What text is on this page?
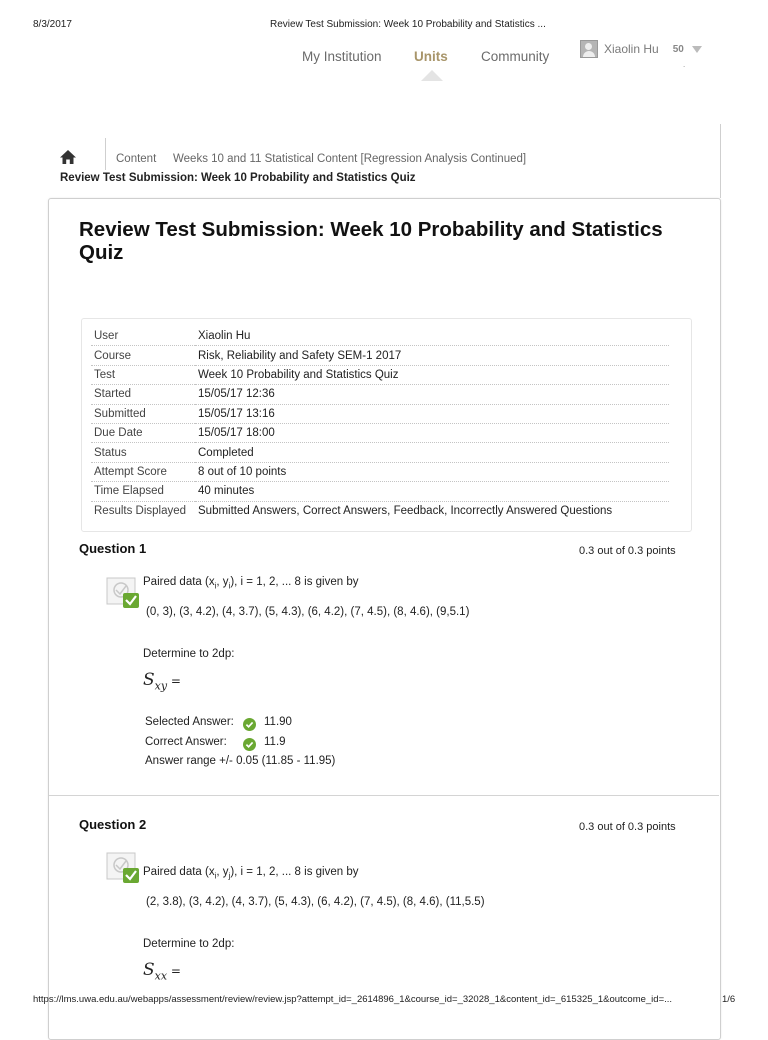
8/3/2017	Review Test Submission: Week 10 Probability and Statistics ...
My Institution Units Community	Xiaolin Hu 50
.
Content Weeks 10 and 11 Statistical Content [Regression Analysis Continued]
Review Test Submission: Week 10 Probability and Statistics Quiz
Review Test Submission: Week 10 Probability and Statistics Quiz
User	Xiaolin Hu
Course	Risk, Reliability and Safety SEM-1 2017
Test	Week 10 Probability and Statistics Quiz
Started	15/05/17 12:36
Submitted	15/05/17 13:16
Due Date	15/05/17 18:00
Status	Completed
Attempt Score	8 out of 10 points
Time Elapsed	40 minutes
Results Displayed	Submitted Answers, Correct Answers, Feedback, Incorrectly Answered Questions
Question 1	0.3 out of 0.3 points
Paired data ($x_i$, $y_i$), i = 1, 2, ... 8 is given by
(0, 3), (3, 4.2), (4, 3.7), (5, 4.3), (6, 4.2), (7, 4.5), (8, 4.6), (9,5.1)
Determine to 2dp:
$S_{xy}$ =
Selected Answer:	11.90
Correct Answer:	11.9
Answer range +/- 0.05 (11.85 - 11.95)
Question 2	0.3 out of 0.3 points
Paired data ($x_i$, $y_j$), i = 1, 2, ... 8 is given by
(2, 3.8), (3, 4.2), (4, 3.7), (5, 4.3), (6, 4.2), (7, 4.5), (8, 4.6), (11,5.5)
Determine to 2dp:
$S_{xx}$ =
https://lms.uwa.edu.au/webapps/assessment/review/review.jsp?attempt_id=_2614896_1&course_id=_32028_1&content_id=_615325_1&outcome_id=...	1/6
